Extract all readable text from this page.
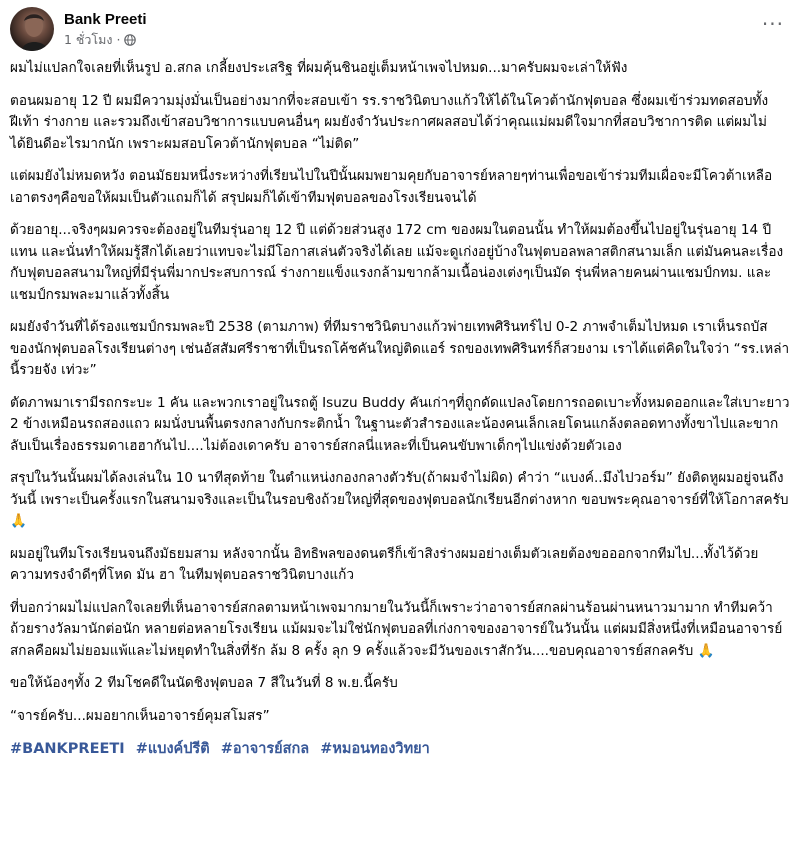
Bank Preeti
1 ชั่วโมง ·
···

ผมไม่แปลกใจเลยที่เห็นรูป อ.สกล เกลี้ยงประเสริฐ ที่ผมคุ้นชินอยู่เต็มหน้าเพจไปหมด...มาครับผมจะเล่าให้ฟัง

ตอนผมอายุ 12 ปี ผมมีความมุ่งมั่นเป็นอย่างมากที่จะสอบเข้า รร.ราชวินิตบางแก้วให้ได้ในโควต้านักฟุตบอล ซึ่งผมเข้าร่วมทดสอบทั้งฝีเท้า ร่างกาย และรวมถึงเข้าสอบวิชาการแบบคนอื่นๆ ผมยังจำวันประกาศผลสอบได้ว่าคุณแม่ผมดีใจมากที่สอบวิชาการติด แต่ผมไม่ได้ยินดีอะไรมากนัก เพราะผมสอบโควต้านักฟุตบอล “ไม่ติด”

แต่ผมยังไม่หมดหวัง ตอนมัธยมหนึ่งระหว่างที่เรียนไปในปีนั้นผมพยามคุยกับอาจารย์หลายๆท่านเพื่อขอเข้าร่วมทีมเผื่อจะมีโควต้าเหลือ เอาตรงๆคือขอให้ผมเป็นตัวแถมก็ได้ สรุปผมก็ได้เข้าทีมฟุตบอลของโรงเรียนจนได้

ด้วยอายุ...จริงๆผมควรจะต้องอยู่ในทีมรุ่นอายุ 12 ปี แต่ด้วยส่วนสูง 172 cm ของผมในตอนนั้น ทำให้ผมต้องขึ้นไปอยู่ในรุ่นอายุ 14 ปีแทน และนั่นทำให้ผมรู้สึกได้เลยว่าแทบจะไม่มีโอกาสเล่นตัวจริงได้เลย แม้จะดูเก่งอยู่บ้างในฟุตบอลพลาสติกสนามเล็ก แต่มันคนละเรื่องกับฟุตบอลสนามใหญ่ที่มีรุ่นพี่มากประสบการณ์ ร่างกายแข็งแรงกล้ามขากล้ามเนื้อน่องเต่งๆเป็นมัด รุ่นพี่หลายคนผ่านแชมป์กทม. และแชมป์กรมพละมาแล้วทั้งสิ้น

ผมยังจำวันที่ได้รองแชมป์กรมพละปี 2538 (ตามภาพ) ที่ทีมราชวินิตบางแก้วพ่ายเทพศิรินทร์ไป 0-2 ภาพจำเต็มไปหมด เราเห็นรถบัสของนักฟุตบอลโรงเรียนต่างๆ เช่นอัสสัมศรีราชาที่เป็นรถโค้ชคันใหญ่ติดแอร์ รถของเทพศิรินทร์ก็สวยงาม เราได้แต่คิดในใจว่า “รร.เหล่านี้รวยจัง เท่วะ”

ตัดภาพมาเรามีรถกระบะ 1 คัน และพวกเราอยู่ในรถตู้ Isuzu Buddy คันเก่าๆที่ถูกดัดแปลงโดยการถอดเบาะทั้งหมดออกและใส่เบาะยาว 2 ข้างเหมือนรถสองแถว ผมนั่งบนพื้นตรงกลางกับกระติกน้ำ ในฐานะตัวสำรองและน้องคนเล็กเลยโดนแกล้งตลอดทางทั้งขาไปและขากลับเป็นเรื่องธรรมดาเฮฮากันไป....ไม่ต้องเดาครับ อาจารย์สกลนี่แหละที่เป็นคนขับพาเด็กๆไปแข่งด้วยตัวเอง

สรุปในวันนั้นผมได้ลงเล่นใน 10 นาทีสุดท้าย ในตำแหน่งกองกลางตัวรับ(ถ้าผมจำไม่ผิด) คำว่า “แบงค์..มึงไปวอร์ม” ยังติดหูผมอยู่จนถึงวันนี้ เพราะเป็นครั้งแรกในสนามจริงและเป็นในรอบชิงถ้วยใหญ่ที่สุดของฟุตบอลนักเรียนอีกต่างหาก ขอบพระคุณอาจารย์ที่ให้โอกาสครับ 🙏

ผมอยู่ในทีมโรงเรียนจนถึงมัธยมสาม หลังจากนั้น อิทธิพลของดนตรีก็เข้าสิงร่างผมอย่างเต็มตัวเลยต้องขอออกจากทีมไป...ทั้งไว้ด้วยความทรงจำดีๆที่โหด มัน ฮา ในทีมฟุตบอลราชวินิตบางแก้ว

ที่บอกว่าผมไม่แปลกใจเลยที่เห็นอาจารย์สกลตามหน้าเพจมากมายในวันนี้ก็เพราะว่าอาจารย์สกลผ่านร้อนผ่านหนาวมามาก ทำทีมคว้าถ้วยรางวัลมานักต่อนัก หลายต่อหลายโรงเรียน แม้ผมจะไม่ใช่นักฟุตบอลที่เก่งกาจของอาจารย์ในวันนั้น แต่ผมมีสิ่งหนึ่งที่เหมือนอาจารย์สกลคือผมไม่ยอมแพ้และไม่หยุดทำในสิ่งที่รัก ล้ม 8 ครั้ง ลุก 9 ครั้งแล้วจะมีวันของเราสักวัน....ขอบคุณอาจารย์สกลครับ 🙏

ขอให้น้องๆทั้ง 2 ทีมโชคดีในนัดชิงฟุตบอล 7 สีในวันที่ 8 พ.ย.นี้ครับ

“จารย์ครับ...ผมอยากเห็นอาจารย์คุมสโมสร”

#BANKPREETI #แบงค์ปรีติ #อาจารย์สกล #หมอนทองวิทยา
